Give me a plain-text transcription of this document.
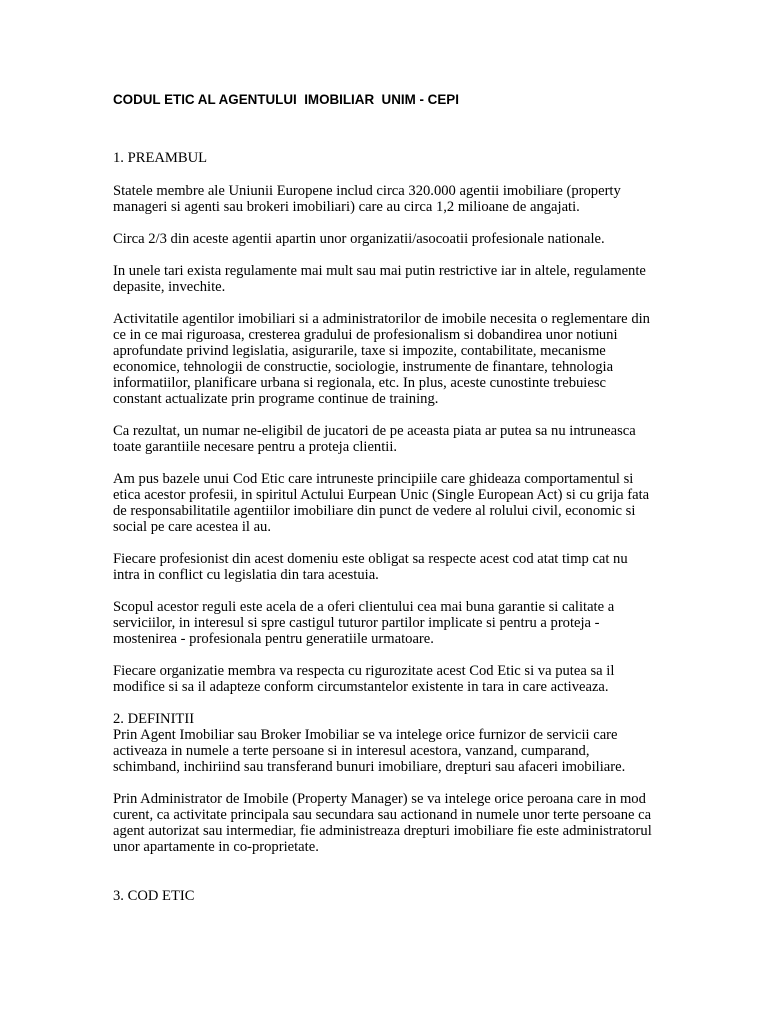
CODUL ETIC AL AGENTULUI  IMOBILIAR  UNIM - CEPI
1. PREAMBUL

Statele membre ale Uniunii Europene includ circa 320.000 agentii imobiliare (property manageri si agenti sau brokeri imobiliari) care au circa 1,2 milioane de angajati.

Circa 2/3 din aceste agentii apartin unor organizatii/asocoatii profesionale nationale.

In unele tari exista regulamente mai mult sau mai putin restrictive iar in altele, regulamente depasite, invechite.

Activitatile agentilor imobiliari si a administratorilor de imobile necesita o reglementare din ce in ce mai riguroasa, cresterea gradului de profesionalism si dobandirea unor notiuni aprofundate privind legislatia, asigurarile, taxe si impozite, contabilitate, mecanisme economice, tehnologii de constructie, sociologie, instrumente de finantare, tehnologia informatiilor, planificare urbana si regionala, etc. In plus, aceste cunostinte trebuiesc constant actualizate prin programe continue de training.

Ca rezultat, un numar ne-eligibil de jucatori de pe aceasta piata ar putea sa nu intruneasca toate garantiile necesare pentru a proteja clientii.

Am pus bazele unui Cod Etic care intruneste principiile care ghideaza comportamentul si etica acestor profesii, in spiritul Actului Eurpean Unic (Single European Act) si cu grija fata de responsabilitatile agentiilor imobiliare din punct de vedere al rolului civil, economic si social pe care acestea il au.

Fiecare profesionist din acest domeniu este obligat sa respecte acest cod atat timp cat nu intra in conflict cu legislatia din tara acestuia.

Scopul acestor reguli este acela de a oferi clientului cea mai buna garantie si calitate a serviciilor, in interesul si spre castigul tuturor partilor implicate si pentru a proteja - mostenirea - profesionala pentru generatiile urmatoare.

Fiecare organizatie membra va respecta cu rigurozitate acest Cod Etic si va putea sa il modifice si sa il adapteze conform circumstantelor existente in tara in care activeaza.

2. DEFINITII

Prin Agent Imobiliar sau Broker Imobiliar se va intelege orice furnizor de servicii care activeaza in numele a terte persoane si in interesul acestora, vanzand, cumparand, schimband, inchiriind sau transferand bunuri imobiliare, drepturi sau afaceri imobiliare.

Prin Administrator de Imobile (Property Manager) se va intelege orice peroana care in mod curent, ca activitate principala sau secundara sau actionand in numele unor terte persoane ca agent autorizat sau intermediar, fie administreaza drepturi imobiliare fie este administratorul unor apartamente in co-proprietate.

3. COD ETIC
